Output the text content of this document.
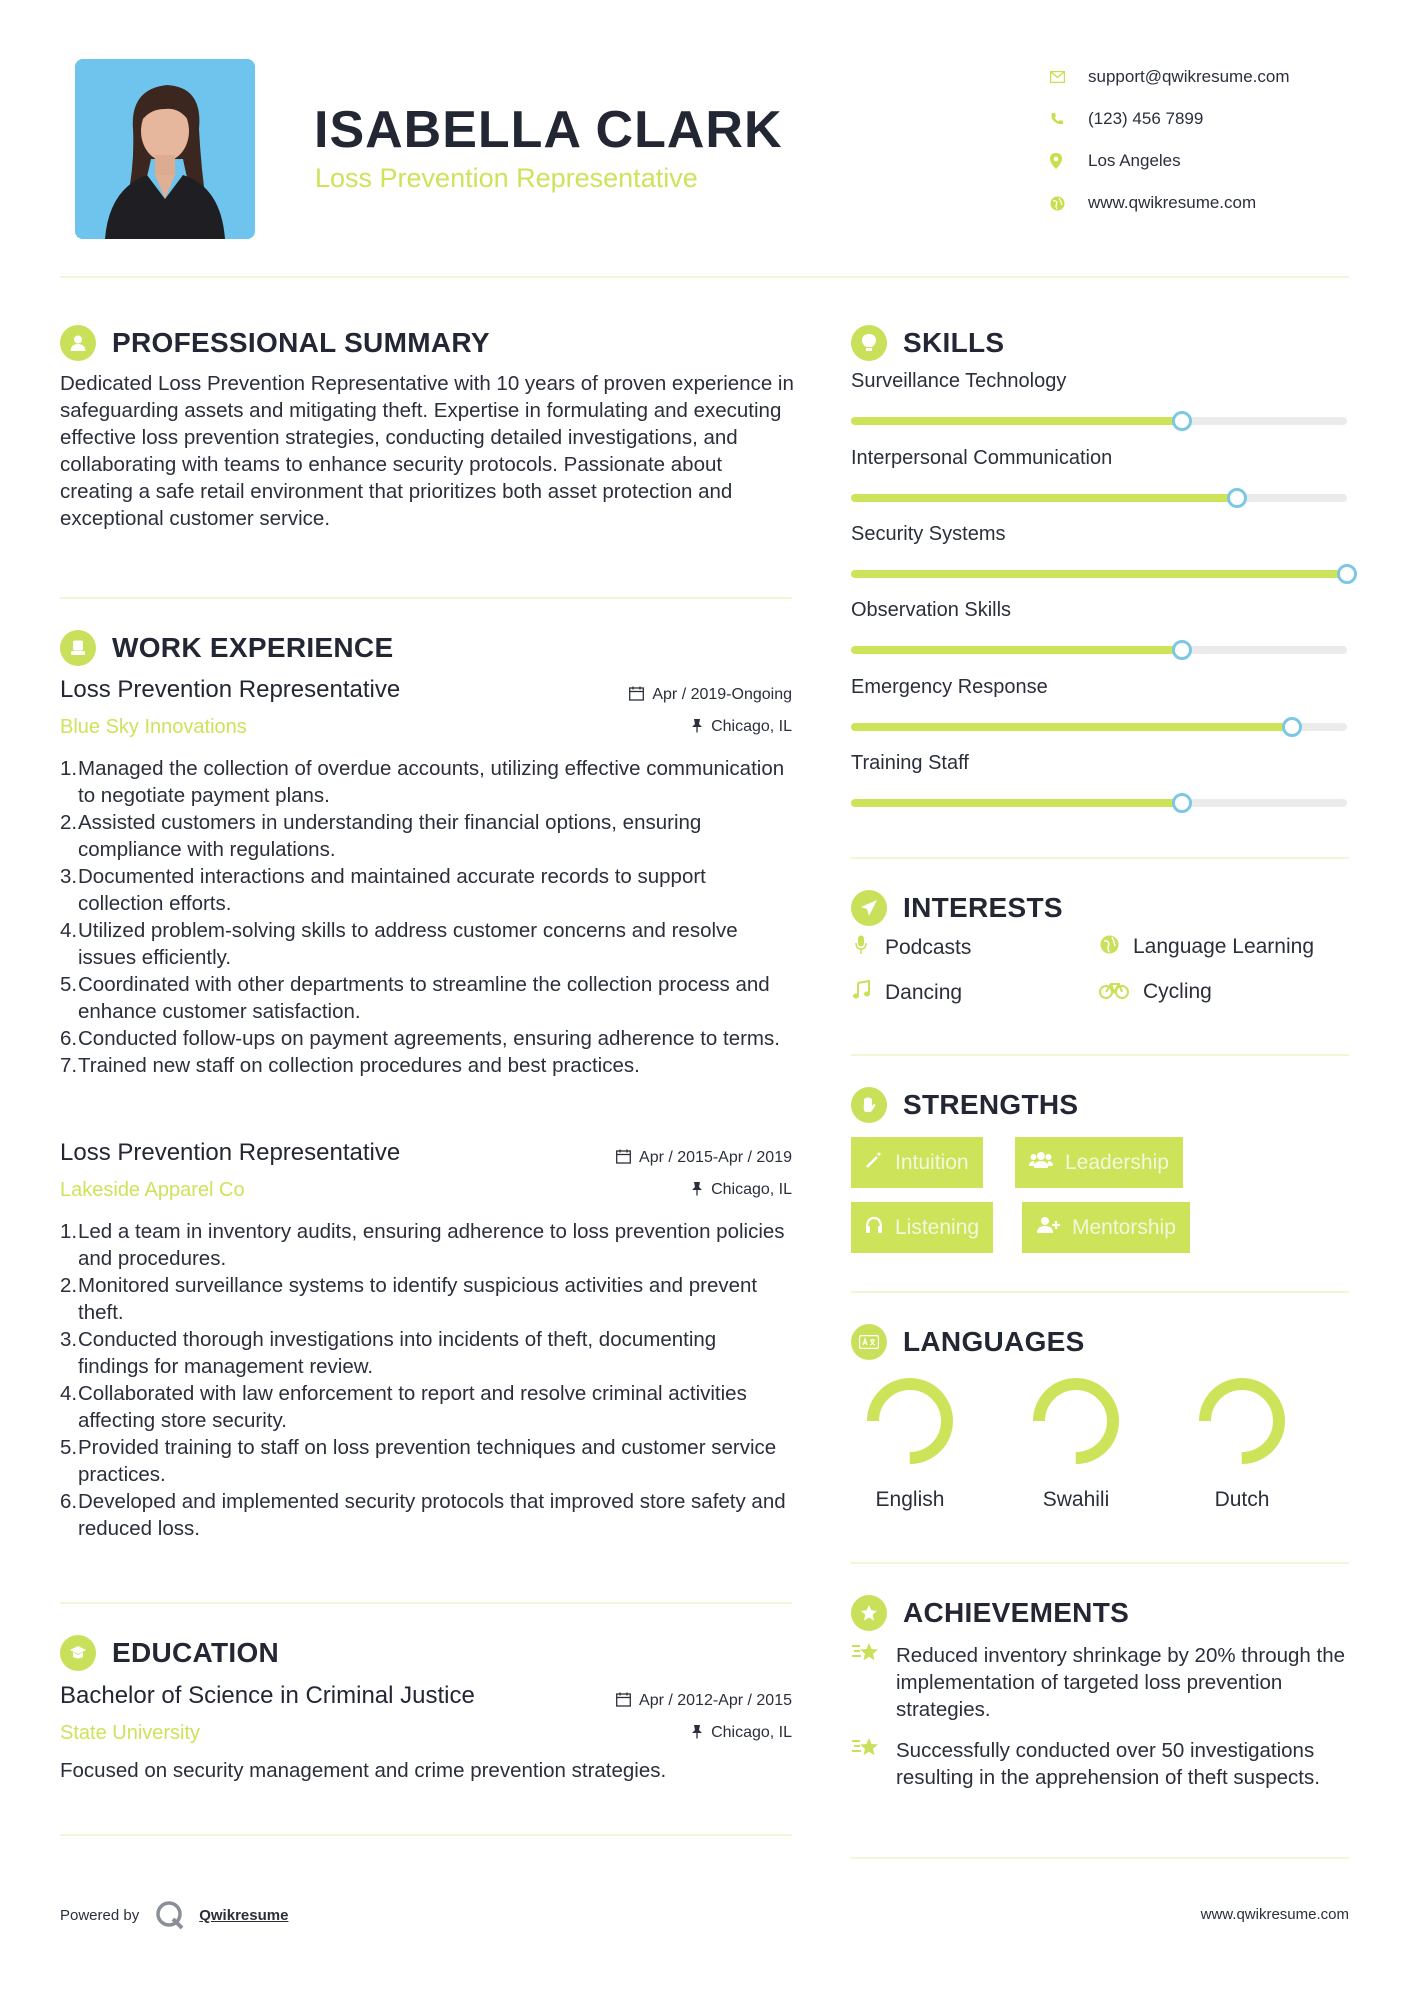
ISABELLA CLARK
Loss Prevention Representative
support@qwikresume.com
(123) 456 7899
Los Angeles
www.qwikresume.com
PROFESSIONAL SUMMARY

Dedicated Loss Prevention Representative with 10 years of proven experience in safeguarding assets and mitigating theft. Expertise in formulating and executing effective loss prevention strategies, conducting detailed investigations, and collaborating with teams to enhance security protocols. Passionate about creating a safe retail environment that prioritizes both asset protection and exceptional customer service.

WORK EXPERIENCE
Loss Prevention Representative	Apr / 2019-Ongoing
Blue Sky Innovations	Chicago, IL
1.Managed the collection of overdue accounts, utilizing effective communication to negotiate payment plans.
2.Assisted customers in understanding their financial options, ensuring compliance with regulations.
3.Documented interactions and maintained accurate records to support collection efforts.
4.Utilized problem-solving skills to address customer concerns and resolve issues efficiently.
5.Coordinated with other departments to streamline the collection process and enhance customer satisfaction.
6.Conducted follow-ups on payment agreements, ensuring adherence to terms.
7.Trained new staff on collection procedures and best practices.
Loss Prevention Representative	Apr / 2015-Apr / 2019
Lakeside Apparel Co	Chicago, IL
1.Led a team in inventory audits, ensuring adherence to loss prevention policies and procedures.
2.Monitored surveillance systems to identify suspicious activities and prevent theft.
3.Conducted thorough investigations into incidents of theft, documenting findings for management review.
4.Collaborated with law enforcement to report and resolve criminal activities affecting store security.
5.Provided training to staff on loss prevention techniques and customer service practices.
6.Developed and implemented security protocols that improved store safety and reduced loss.
EDUCATION
Bachelor of Science in Criminal Justice	Apr / 2012-Apr / 2015
State University	Chicago, IL

Focused on security management and crime prevention strategies.

SKILLS
Surveillance Technology
Interpersonal Communication
Security Systems
Observation Skills
Emergency Response
Training Staff
INTERESTS
Podcasts	Language Learning
Dancing	Cycling
STRENGTHS
Intuition	Leadership
Listening	Mentorship
LANGUAGES
English	Swahili	Dutch
ACHIEVEMENTS
Reduced inventory shrinkage by 20% through the implementation of targeted loss prevention strategies.
Successfully conducted over 50 investigations resulting in the apprehension of theft suspects.
Powered by	Qwikresume	www.qwikresume.com
